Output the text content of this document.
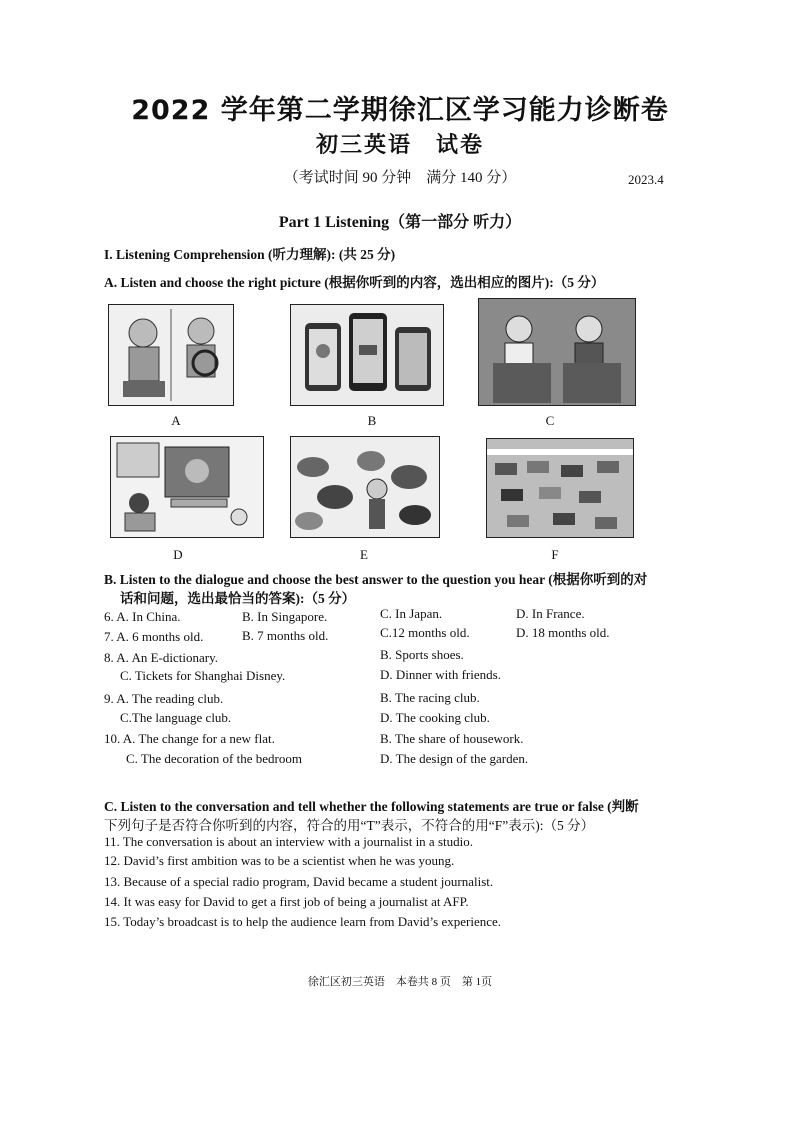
2022 学年第二学期徐汇区学习能力诊断卷
初三英语　试卷
（考试时间 90 分钟　满分 140 分）	2023.4
Part 1 Listening（第一部分 听力）
I. Listening Comprehension (听力理解): (共 25 分)
A. Listen and choose the right picture (根据你听到的内容，选出相应的图片):（5 分）
A	B	C
D	E	F
B. Listen to the dialogue and choose the best answer to the question you hear (根据你听到的对
话和问题，选出最恰当的答案):（5 分）
6. A. In China.	B. In Singapore.	C. In Japan.	D. In France.
7. A. 6 months old.	B. 7 months old.	C.12 months old.	D. 18 months old.
8. A. An E-dictionary.	B. Sports shoes.
C. Tickets for Shanghai Disney.	D. Dinner with friends.
9. A. The reading club.	B. The racing club.
C.The language club.	D. The cooking club.
10. A. The change for a new flat.	B. The share of housework.
C. The decoration of the bedroom	D. The design of the garden.
C. Listen to the conversation and tell whether the following statements are true or false (判断
下列句子是否符合你听到的内容，符合的用“T”表示，不符合的用“F”表示):（5 分）
11. The conversation is about an interview with a journalist in a studio.
12. David’s first ambition was to be a scientist when he was young.
13. Because of a special radio program, David became a student journalist.
14. It was easy for David to get a first job of being a journalist at AFP.
15. Today’s broadcast is to help the audience learn from David’s experience.
徐汇区初三英语　本卷共 8 页　第 1页
